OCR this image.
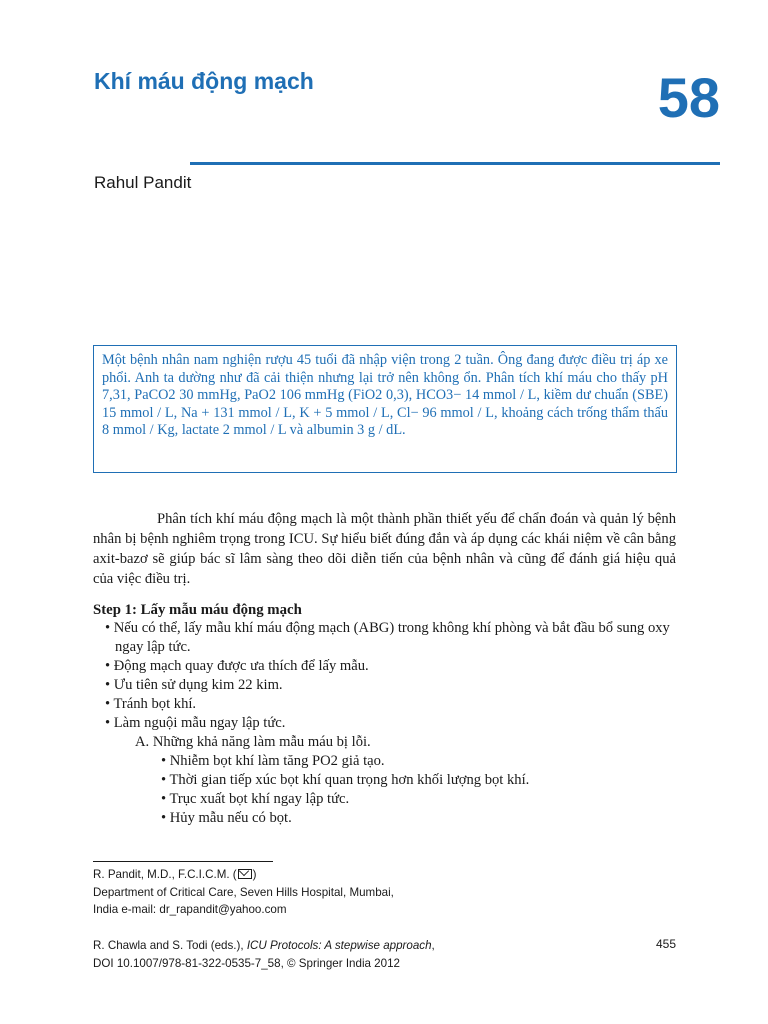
Khí máu động mạch	58
Rahul Pandit

Một bệnh nhân nam nghiện rượu 45 tuổi đã nhập viện trong 2 tuần. Ông đang được điều trị áp xe phổi. Anh ta dường như đã cải thiện nhưng lại trở nên không ổn. Phân tích khí máu cho thấy pH 7,31, PaCO2 30 mmHg, PaO2 106 mmHg (FiO2 0,3), HCO3− 14 mmol / L, kiềm dư chuẩn (SBE) 15 mmol / L, Na + 131 mmol / L, K + 5 mmol / L, Cl− 96 mmol / L, khoảng cách trống thẩm thấu 8 mmol / Kg, lactate 2 mmol / L và albumin 3 g / dL.

Phân tích khí máu động mạch là một thành phần thiết yếu để chẩn đoán và quản lý bệnh nhân bị bệnh nghiêm trọng trong ICU. Sự hiểu biết đúng đắn và áp dụng các khái niệm về cân bằng axit-bazơ sẽ giúp bác sĩ lâm sàng theo dõi diễn tiến của bệnh nhân và cũng để đánh giá hiệu quả của việc điều trị.

Step 1: Lấy mẫu máu động mạch

• Nếu có thể, lấy mẫu khí máu động mạch (ABG) trong không khí phòng và bắt đầu bổ sung oxy ngay lập tức.
• Động mạch quay được ưa thích để lấy mẫu.
• Ưu tiên sử dụng kim 22 kim.
• Tránh bọt khí.
• Làm nguội mẫu ngay lập tức.

A. Những khả năng làm mẫu máu bị lỗi.

• Nhiễm bọt khí làm tăng PO2 giả tạo.
• Thời gian tiếp xúc bọt khí quan trọng hơn khối lượng bọt khí.
• Trục xuất bọt khí ngay lập tức.
• Hủy mẫu nếu có bọt.
R. Pandit, M.D., F.C.I.C.M. ( )
Department of Critical Care, Seven Hills Hospital, Mumbai,
India e-mail: dr_rapandit@yahoo.com
R. Chawla and S. Todi (eds.), ICU Protocols: A stepwise approach,
DOI 10.1007/978-81-322-0535-7_58, © Springer India 2012
455
